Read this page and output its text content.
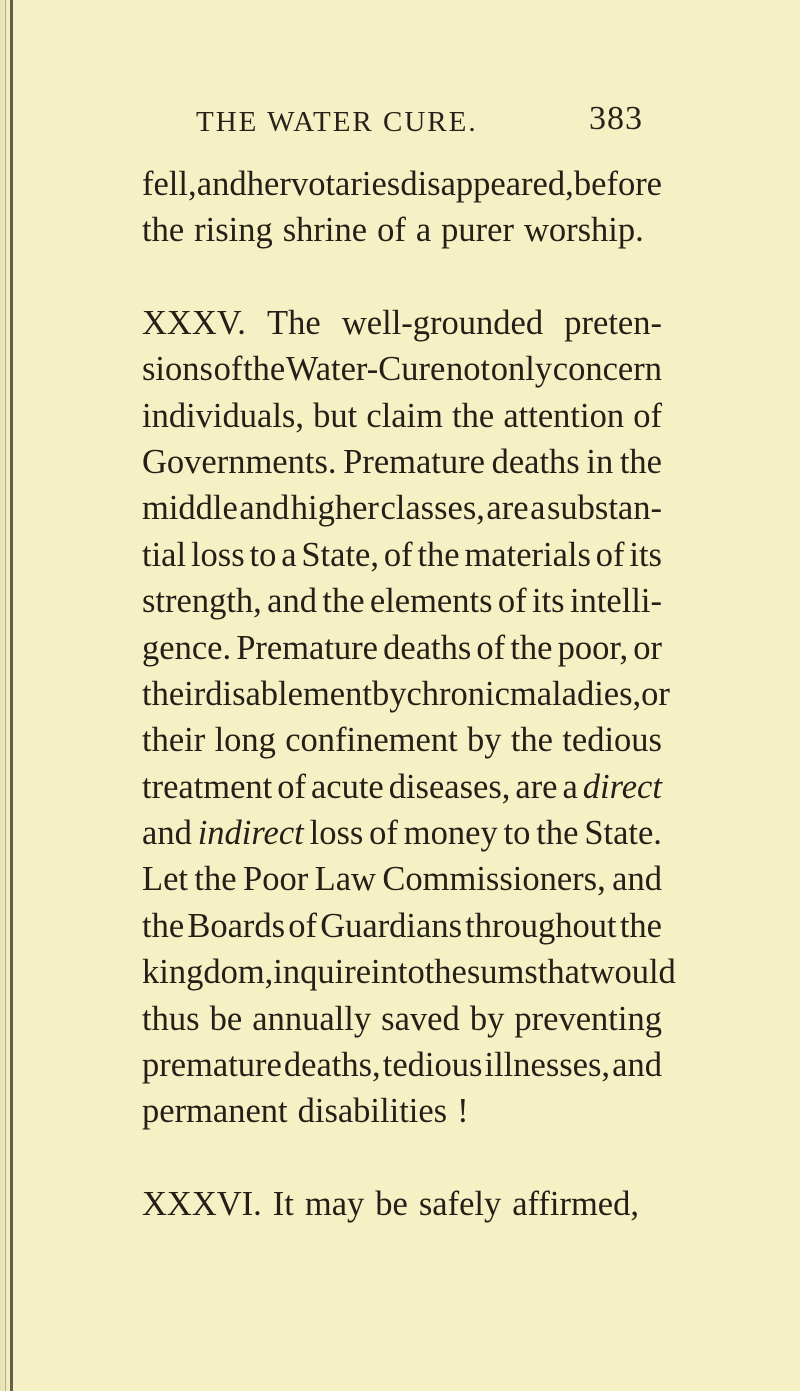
THE WATER CURE.	383
fell, and her votaries disappeared, before
the rising shrine of a purer worship.
XXXV. The well-grounded preten-
sions of the Water-Cure not only concern
individuals, but claim the attention of
Governments. Premature deaths in the
middle and higher classes, are a substan-
tial loss to a State, of the materials of its
strength, and the elements of its intelli-
gence. Premature deaths of the poor, or
their disablement by chronic maladies, or
their long confinement by the tedious
treatment of acute diseases, are a direct
and indirect loss of money to the State.
Let the Poor Law Commissioners, and
the Boards of Guardians throughout the
kingdom, inquire into the sums that would
thus be annually saved by preventing
premature deaths, tedious illnesses, and
permanent disabilities !
XXXVI. It may be safely affirmed,
